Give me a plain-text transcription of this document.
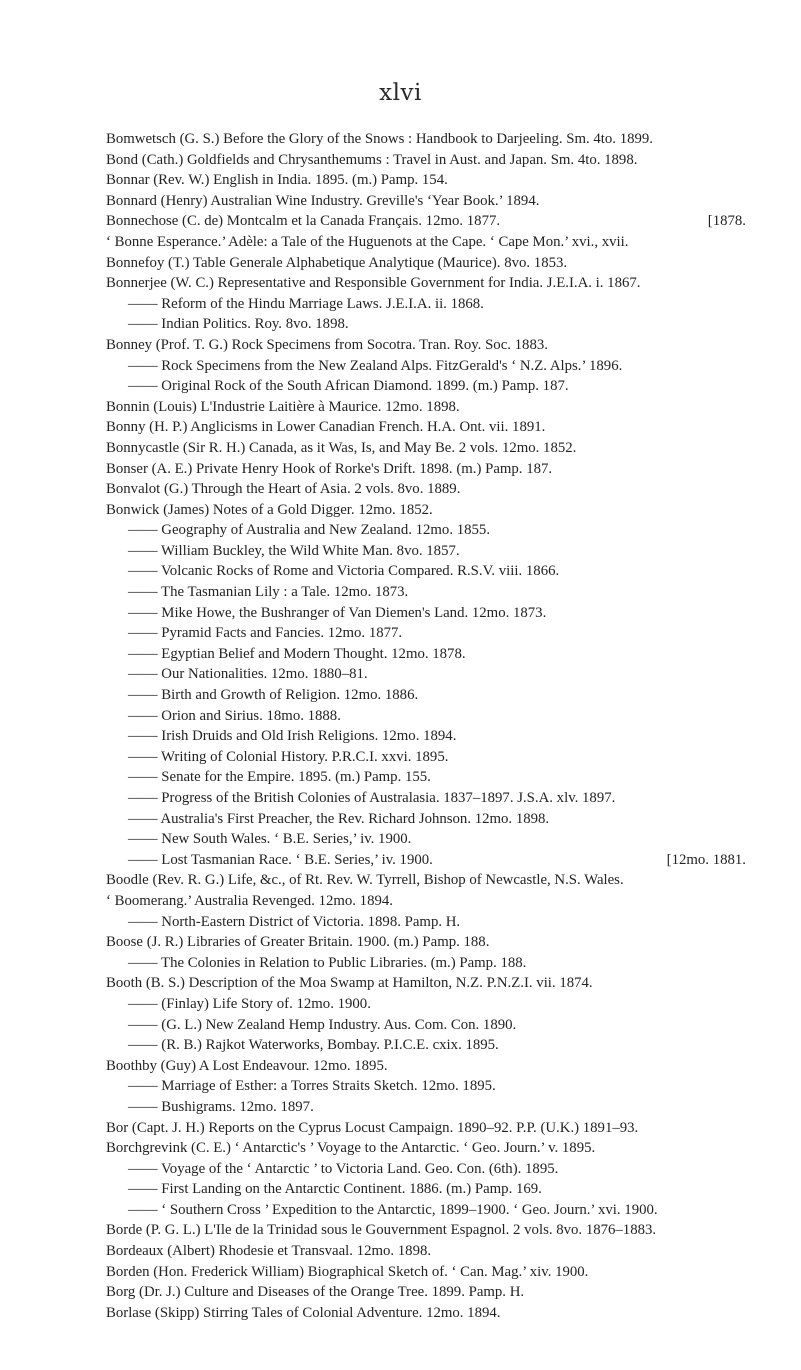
xlvi
Bomwetsch (G. S.) Before the Glory of the Snows : Handbook to Darjeeling. Sm. 4to. 1899.
Bond (Cath.) Goldfields and Chrysanthemums : Travel in Aust. and Japan. Sm. 4to. 1898.
Bonnar (Rev. W.) English in India. 1895. (m.) Pamp. 154.
Bonnard (Henry) Australian Wine Industry. Greville's ‘Year Book.’ 1894.
Bonnechose (C. de) Montcalm et la Canada Français. 12mo. 1877.	[1878.
‘ Bonne Esperance.’ Adèle: a Tale of the Huguenots at the Cape. ‘ Cape Mon.’ xvi., xvii.
Bonnefoy (T.) Table Generale Alphabetique Analytique (Maurice). 8vo. 1853.
Bonnerjee (W. C.) Representative and Responsible Government for India. J.E.I.A. i. 1867.
—— Reform of the Hindu Marriage Laws. J.E.I.A. ii. 1868.
—— Indian Politics. Roy. 8vo. 1898.
Bonney (Prof. T. G.) Rock Specimens from Socotra. Tran. Roy. Soc. 1883.
—— Rock Specimens from the New Zealand Alps. FitzGerald's ‘ N.Z. Alps.’ 1896.
—— Original Rock of the South African Diamond. 1899. (m.) Pamp. 187.
Bonnin (Louis) L'Industrie Laitière à Maurice. 12mo. 1898.
Bonny (H. P.) Anglicisms in Lower Canadian French. H.A. Ont. vii. 1891.
Bonnycastle (Sir R. H.) Canada, as it Was, Is, and May Be. 2 vols. 12mo. 1852.
Bonser (A. E.) Private Henry Hook of Rorke's Drift. 1898. (m.) Pamp. 187.
Bonvalot (G.) Through the Heart of Asia. 2 vols. 8vo. 1889.
Bonwick (James) Notes of a Gold Digger. 12mo. 1852.
—— Geography of Australia and New Zealand. 12mo. 1855.
—— William Buckley, the Wild White Man. 8vo. 1857.
—— Volcanic Rocks of Rome and Victoria Compared. R.S.V. viii. 1866.
—— The Tasmanian Lily : a Tale. 12mo. 1873.
—— Mike Howe, the Bushranger of Van Diemen's Land. 12mo. 1873.
—— Pyramid Facts and Fancies. 12mo. 1877.
—— Egyptian Belief and Modern Thought. 12mo. 1878.
—— Our Nationalities. 12mo. 1880–81.
—— Birth and Growth of Religion. 12mo. 1886.
—— Orion and Sirius. 18mo. 1888.
—— Irish Druids and Old Irish Religions. 12mo. 1894.
—— Writing of Colonial History. P.R.C.I. xxvi. 1895.
—— Senate for the Empire. 1895. (m.) Pamp. 155.
—— Progress of the British Colonies of Australasia. 1837–1897. J.S.A. xlv. 1897.
—— Australia's First Preacher, the Rev. Richard Johnson. 12mo. 1898.
—— New South Wales. ‘ B.E. Series,’ iv. 1900.
—— Lost Tasmanian Race. ‘ B.E. Series,’ iv. 1900.	[12mo. 1881.
Boodle (Rev. R. G.) Life, &c., of Rt. Rev. W. Tyrrell, Bishop of Newcastle, N.S. Wales.
‘ Boomerang.’ Australia Revenged. 12mo. 1894.
—— North-Eastern District of Victoria. 1898. Pamp. H.
Boose (J. R.) Libraries of Greater Britain. 1900. (m.) Pamp. 188.
—— The Colonies in Relation to Public Libraries. (m.) Pamp. 188.
Booth (B. S.) Description of the Moa Swamp at Hamilton, N.Z. P.N.Z.I. vii. 1874.
—— (Finlay) Life Story of. 12mo. 1900.
—— (G. L.) New Zealand Hemp Industry. Aus. Com. Con. 1890.
—— (R. B.) Rajkot Waterworks, Bombay. P.I.C.E. cxix. 1895.
Boothby (Guy) A Lost Endeavour. 12mo. 1895.
—— Marriage of Esther: a Torres Straits Sketch. 12mo. 1895.
—— Bushigrams. 12mo. 1897.
Bor (Capt. J. H.) Reports on the Cyprus Locust Campaign. 1890–92. P.P. (U.K.) 1891–93.
Borchgrevink (C. E.) ‘ Antarctic's ’ Voyage to the Antarctic. ‘ Geo. Journ.’ v. 1895.
—— Voyage of the ‘ Antarctic ’ to Victoria Land. Geo. Con. (6th). 1895.
—— First Landing on the Antarctic Continent. 1886. (m.) Pamp. 169.
—— ‘ Southern Cross ’ Expedition to the Antarctic, 1899–1900. ‘ Geo. Journ.’ xvi. 1900.
Borde (P. G. L.) L'Ile de la Trinidad sous le Gouvernment Espagnol. 2 vols. 8vo. 1876–1883.
Bordeaux (Albert) Rhodesie et Transvaal. 12mo. 1898.
Borden (Hon. Frederick William) Biographical Sketch of. ‘ Can. Mag.’ xiv. 1900.
Borg (Dr. J.) Culture and Diseases of the Orange Tree. 1899. Pamp. H.
Borlase (Skipp) Stirring Tales of Colonial Adventure. 12mo. 1894.
